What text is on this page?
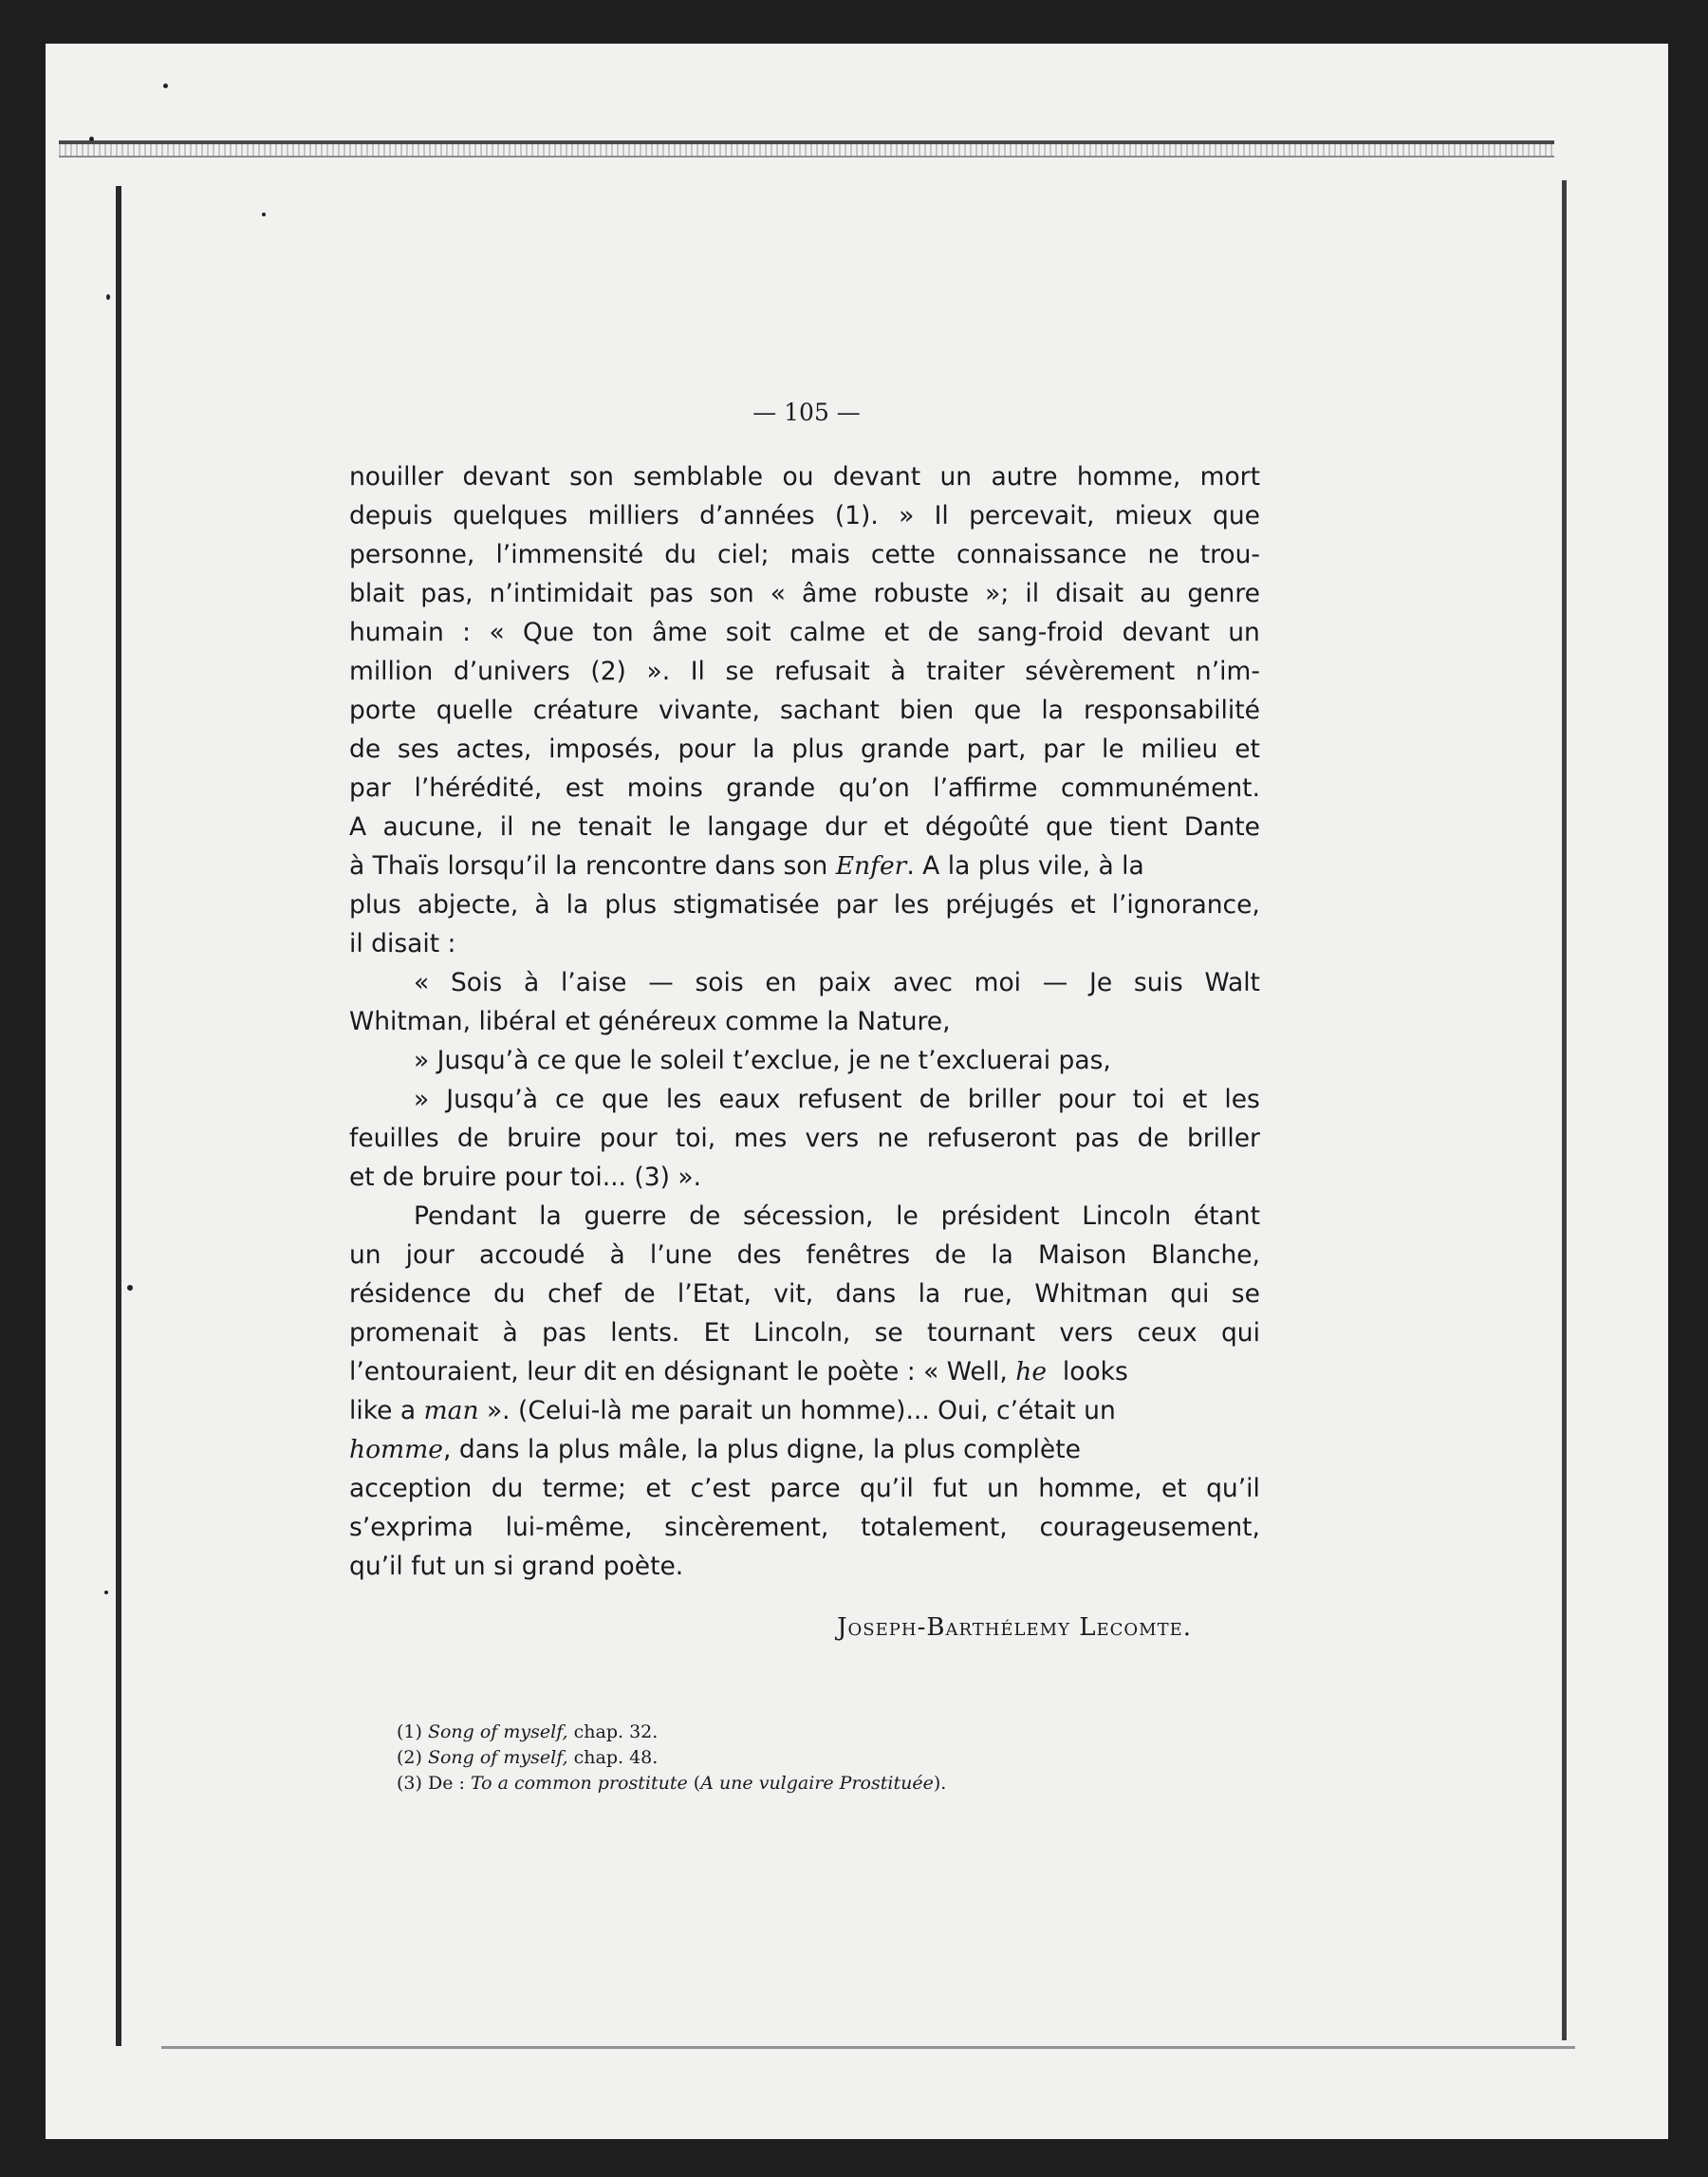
— 105 —
nouiller devant son semblable ou devant un autre homme, mort
depuis quelques milliers d’années (1). » Il percevait, mieux que
personne, l’immensité du ciel; mais cette connaissance ne trou-
blait pas, n’intimidait pas son « âme robuste »; il disait au genre
humain : « Que ton âme soit calme et de sang-froid devant un
million d’univers (2) ». Il se refusait à traiter sévèrement n’im-
porte quelle créature vivante, sachant bien que la responsabilité
de ses actes, imposés, pour la plus grande part, par le milieu et
par l’hérédité, est moins grande qu’on l’affirme communément.
A aucune, il ne tenait le langage dur et dégoûté que tient Dante
à Thaïs lorsqu’il la rencontre dans son
Enfer . A la plus vile, à la
plus abjecte, à la plus stigmatisée par les préjugés et l’ignorance,
il disait :
« Sois à l’aise — sois en paix avec moi — Je suis Walt
Whitman, libéral et généreux comme la Nature,
» Jusqu’à ce que le soleil t’exclue, je ne t’excluerai pas,
» Jusqu’à ce que les eaux refusent de briller pour toi et les
feuilles de bruire pour toi, mes vers ne refuseront pas de briller
et de bruire pour toi... (3) ».
Pendant la guerre de sécession, le président Lincoln étant
un jour accoudé à l’une des fenêtres de la Maison Blanche,
résidence du chef de l’Etat, vit, dans la rue, Whitman qui se
promenait à pas lents. Et Lincoln, se tournant vers ceux qui
l’entouraient, leur dit en désignant le poète : « Well,
he
looks
like a
man
». (Celui-là me parait un homme)... Oui, c’était un
homme , dans la plus mâle, la plus digne, la plus complète
acception du terme; et c’est parce qu’il fut un homme, et qu’il
s’exprima lui-même, sincèrement, totalement, courageusement,
qu’il fut un si grand poète.
Joseph-Barthélemy Lecomte.
(1) Song of myself, chap. 32.
(2) Song of myself, chap. 48.
(3) De : To a common prostitute (A une vulgaire Prostituée).
